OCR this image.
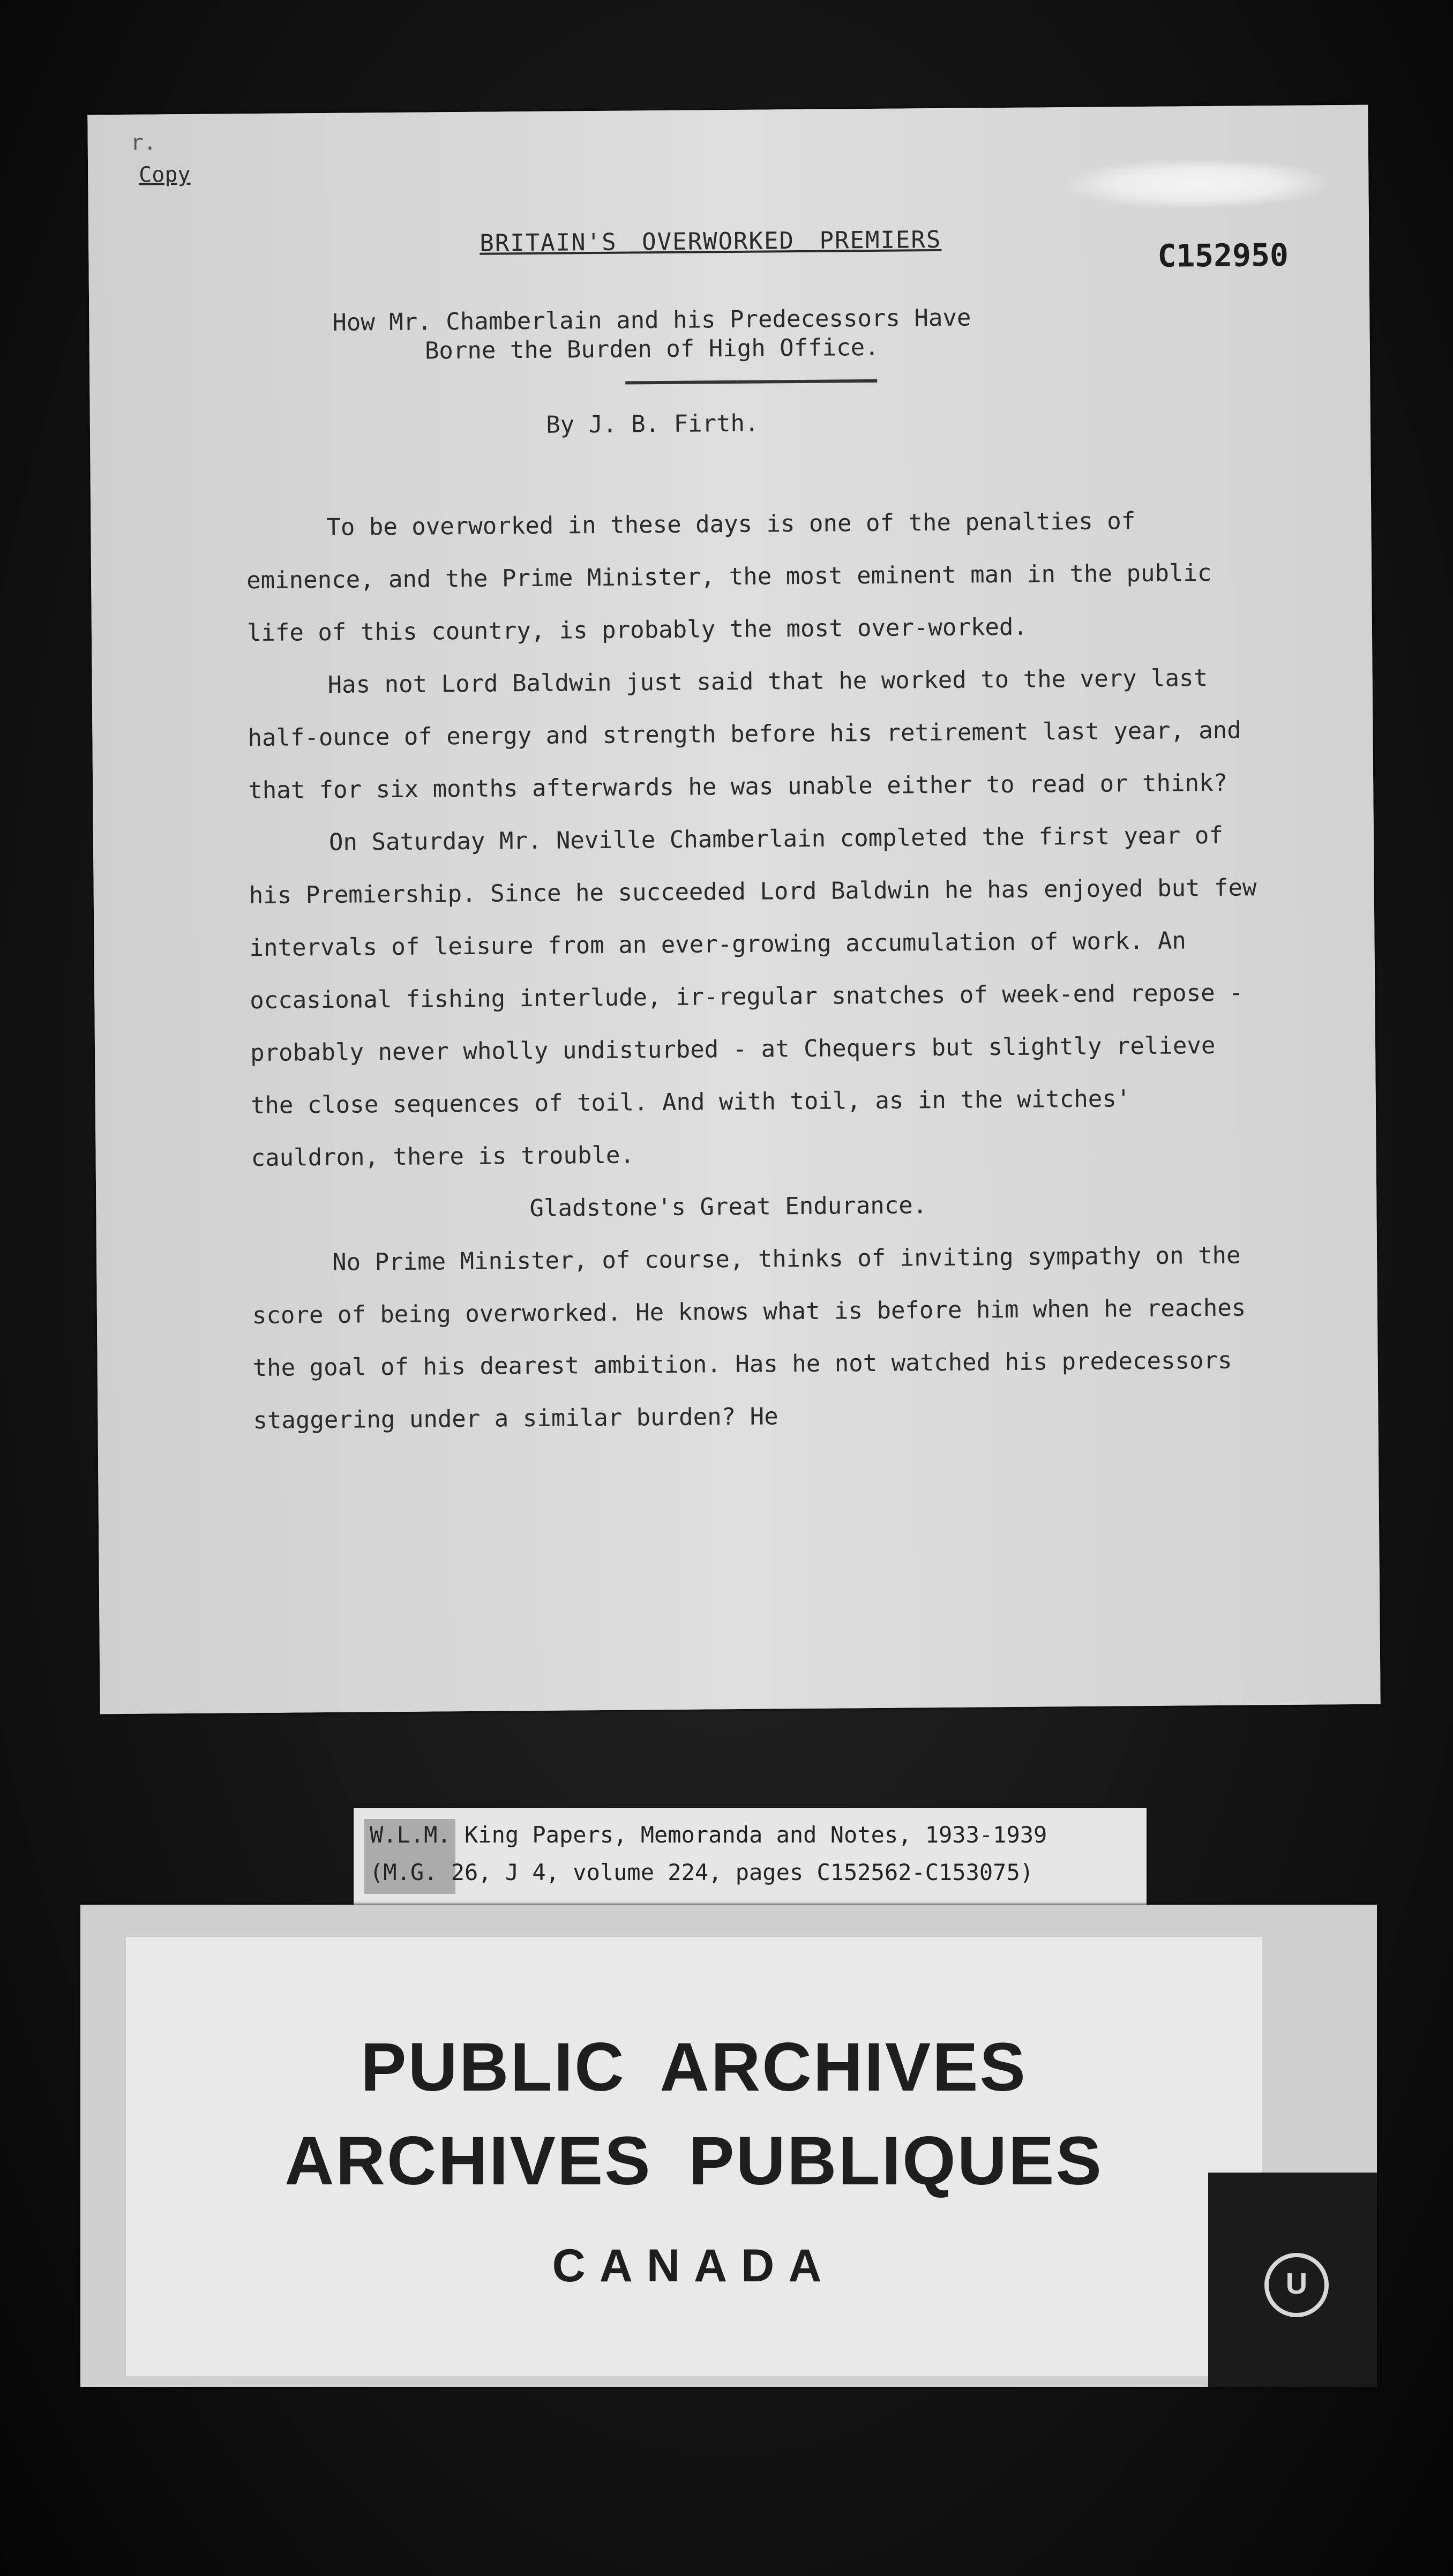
r.
Copy
BRITAIN'S OVERWORKED PREMIERS	C152950
How Mr. Chamberlain and his Predecessors Have
Borne the Burden of High Office.
By J. B. Firth.

To be overworked in these days is one of the penalties of eminence, and the Prime Minister, the most eminent man in the public life of this country, is probably the most over-worked.

Has not Lord Baldwin just said that he worked to the very last half-ounce of energy and strength before his retirement last year, and that for six months afterwards he was unable either to read or think?

On Saturday Mr. Neville Chamberlain completed the first year of his Premiership. Since he succeeded Lord Baldwin he has enjoyed but few intervals of leisure from an ever-growing accumulation of work. An occasional fishing interlude, ir-regular snatches of week-end repose - probably never wholly undisturbed - at Chequers but slightly relieve the close sequences of toil. And with toil, as in the witches' cauldron, there is trouble.

Gladstone's Great Endurance.

No Prime Minister, of course, thinks of inviting sympathy on the score of being overworked. He knows what is before him when he reaches the goal of his dearest ambition. Has he not watched his predecessors staggering under a similar burden? He

W.L.M. King Papers, Memoranda and Notes, 1933-1939
(M.G. 26, J 4, volume 224, pages C152562-C153075)
PUBLIC ARCHIVES
ARCHIVES PUBLIQUES
CANADA	U
